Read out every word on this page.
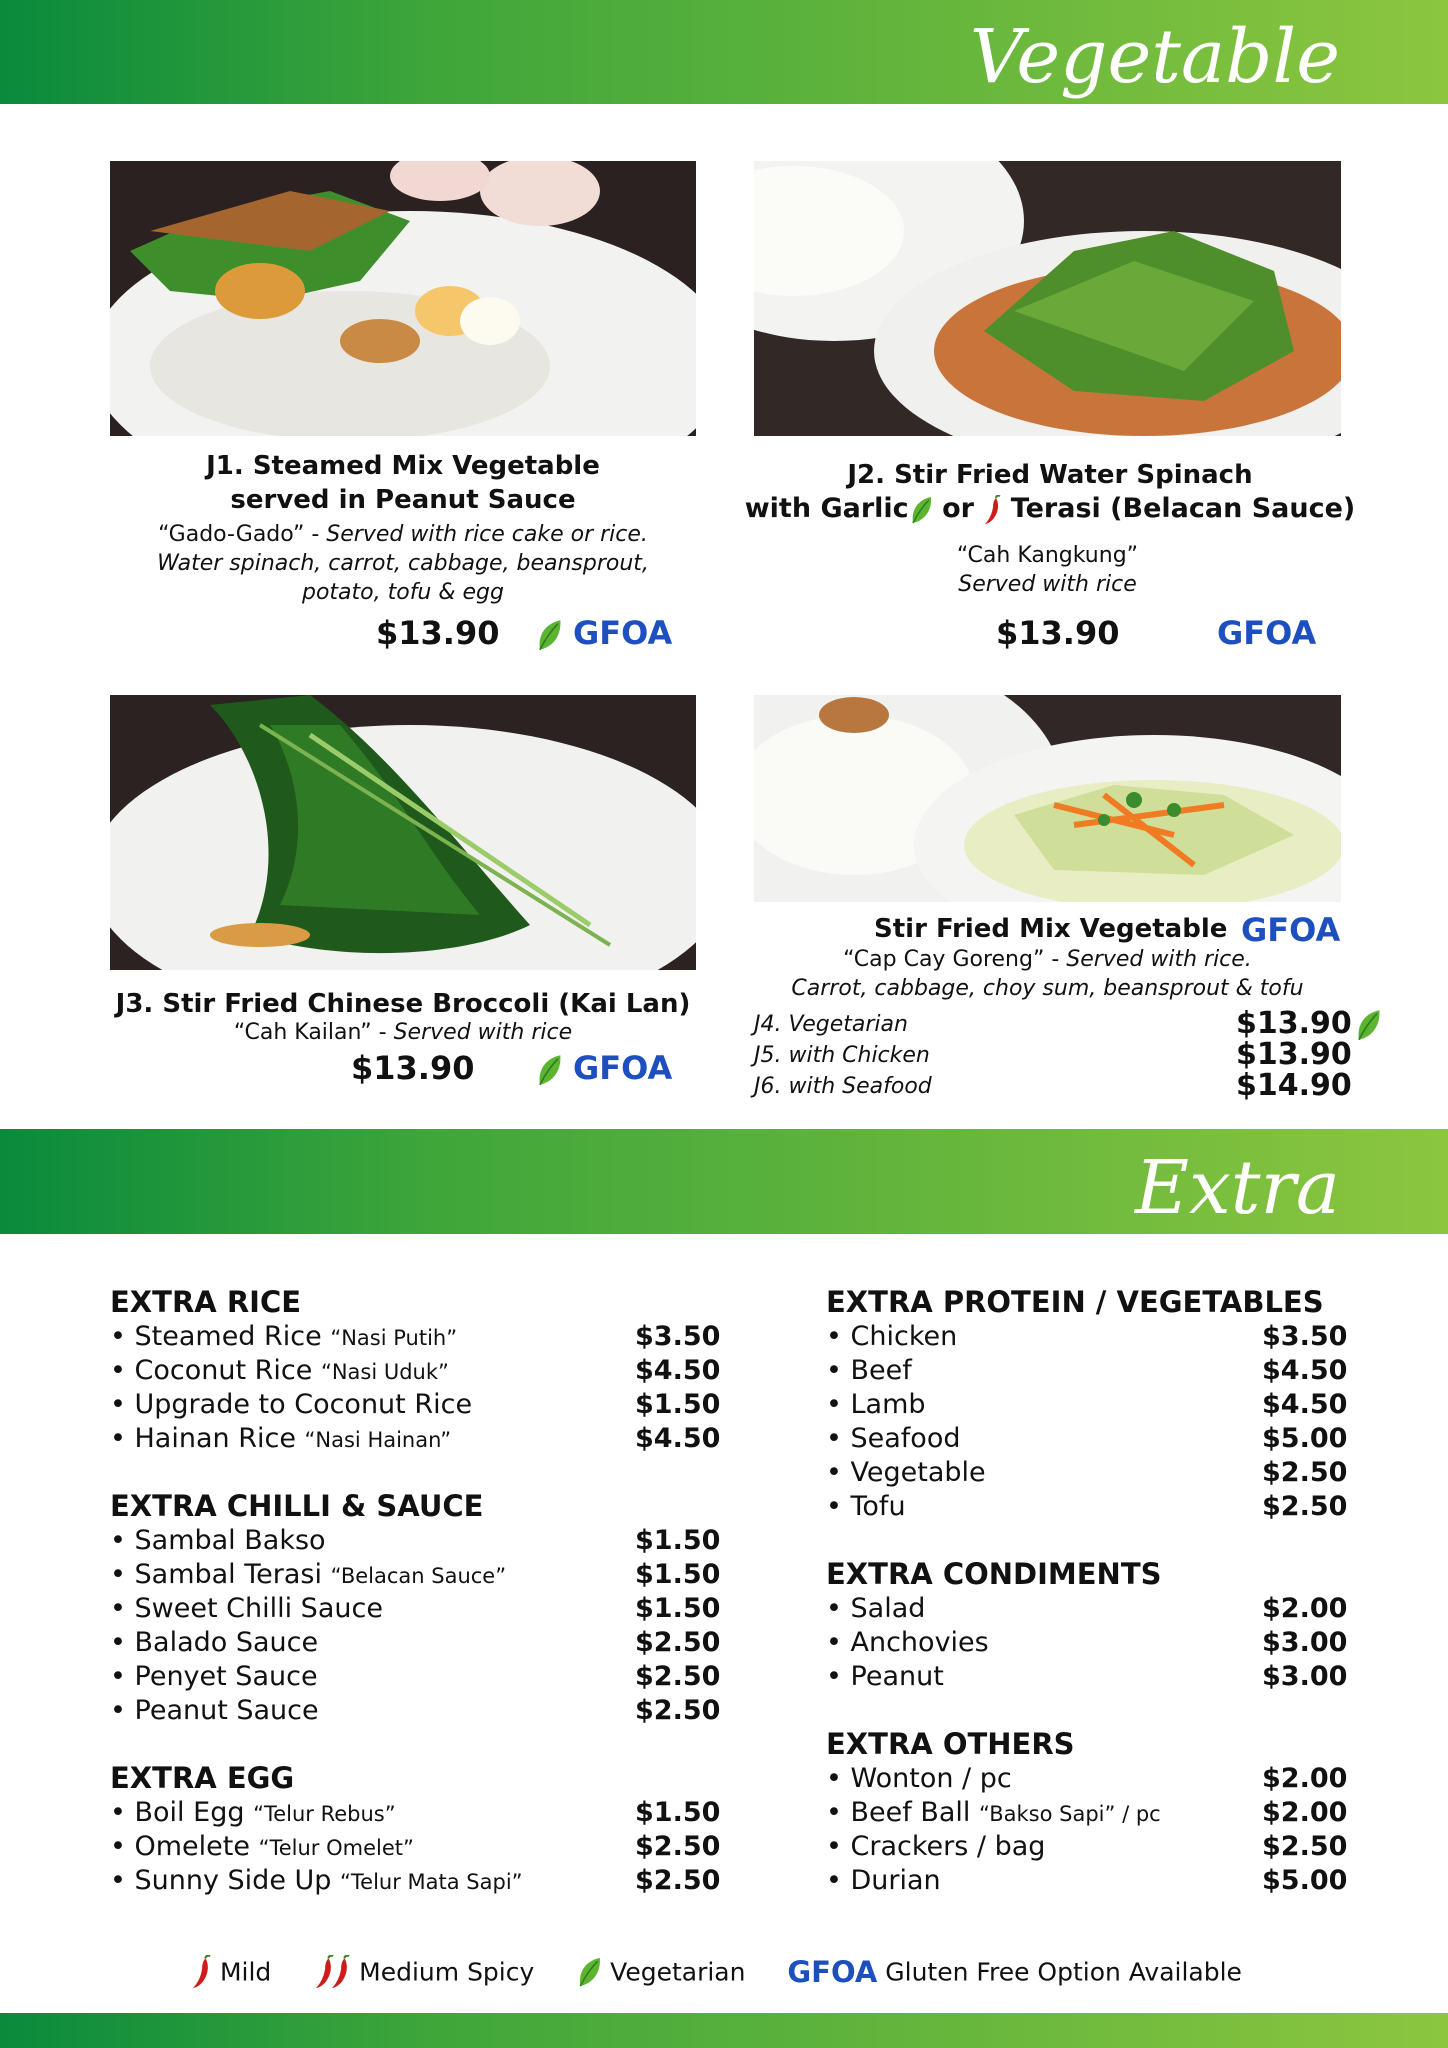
Vegetable
J1. Steamed Mix Vegetable
served in Peanut Sauce
“Gado-Gado” - Served with rice cake or rice.
Water spinach, carrot, cabbage, beansprout,
potato, tofu & egg
$13.90 GFOA
J2. Stir Fried Water Spinach
with Garlic or Terasi (Belacan Sauce)
“Cah Kangkung”
Served with rice
$13.90	GFOA
J3. Stir Fried Chinese Broccoli (Kai Lan)
“Cah Kailan” - Served with rice
$13.90	GFOA
Stir Fried Mix Vegetable GFOA
“Cap Cay Goreng” - Served with rice.
Carrot, cabbage, choy sum, beansprout & tofu
J4. Vegetarian	$13.90
J5. with Chicken	$13.90
J6. with Seafood	$14.90
Extra
EXTRA RICE
• Steamed Rice “Nasi Putih”	$3.50
• Coconut Rice “Nasi Uduk”	$4.50
• Upgrade to Coconut Rice	$1.50
• Hainan Rice “Nasi Hainan”	$4.50
EXTRA CHILLI & SAUCE
• Sambal Bakso	$1.50
• Sambal Terasi “Belacan Sauce”	$1.50
• Sweet Chilli Sauce	$1.50
• Balado Sauce	$2.50
• Penyet Sauce	$2.50
• Peanut Sauce	$2.50
EXTRA EGG
• Boil Egg “Telur Rebus”	$1.50
• Omelete “Telur Omelet”	$2.50
• Sunny Side Up “Telur Mata Sapi”	$2.50
EXTRA PROTEIN / VEGETABLES
• Chicken	$3.50
• Beef	$4.50
• Lamb	$4.50
• Seafood	$5.00
• Vegetable	$2.50
• Tofu	$2.50
EXTRA CONDIMENTS
• Salad	$2.00
• Anchovies	$3.00
• Peanut	$3.00
EXTRA OTHERS
• Wonton / pc	$2.00
• Beef Ball “Bakso Sapi” / pc	$2.00
• Crackers / bag	$2.50
• Durian	$5.00
Mild	Medium Spicy	Vegetarian GFOA Gluten Free Option Available
